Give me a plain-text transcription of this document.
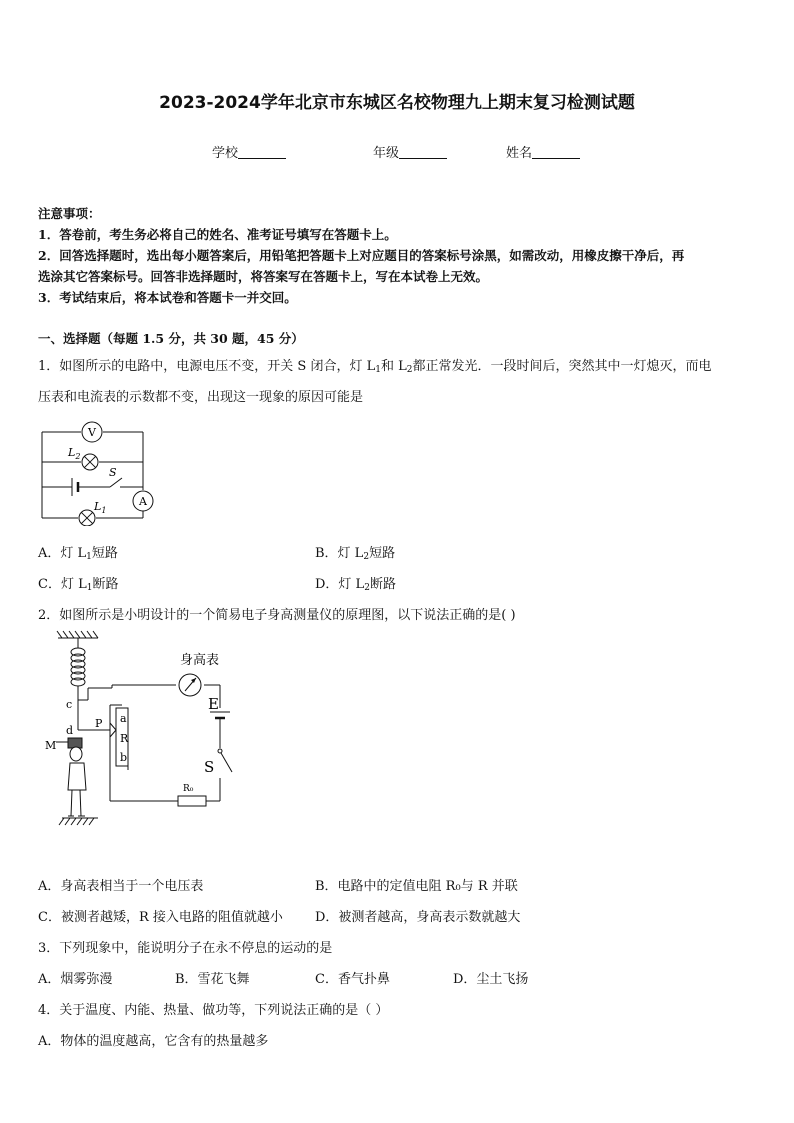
2023-2024学年北京市东城区名校物理九上期末复习检测试题
学校	年级	姓名
注意事项：
1．答卷前，考生务必将自己的姓名、准考证号填写在答题卡上。
2．回答选择题时，选出每小题答案后，用铅笔把答题卡上对应题目的答案标号涂黑，如需改动，用橡皮擦干净后，再
选涂其它答案标号。回答非选择题时，将答案写在答题卡上，写在本试卷上无效。
3．考试结束后，将本试卷和答题卡一并交回。
一、选择题（每题 1.5 分，共 30 题，45 分）
1．如图所示的电路中，电源电压不变，开关 S 闭合，灯 $L_1$和 $L_2$都正常发光．一段时间后，突然其中一灯熄灭，而电
压表和电流表的示数都不变，出现这一现象的原因可能是
V
$L_2$
S
A
$L_1$
A．灯 $L_1$短路	B．灯 $L_2$短路
C．灯 $L_1$断路	D．灯 $L_2$断路
2．如图所示是小明设计的一个简易电子身高测量仪的原理图，以下说法正确的是( )
身高表
E
S
R₀
c
d
P
M
a
R
b
A．身高表相当于一个电压表	B．电路中的定值电阻 R₀与 R 并联
C．被测者越矮，R 接入电路的阻值就越小 D．被测者越高，身高表示数就越大
3．下列现象中，能说明分子在永不停息的运动的是
A．烟雾弥漫	B．雪花飞舞	C．香气扑鼻	D．尘土飞扬
4．关于温度、内能、热量、做功等，下列说法正确的是（ ）
A．物体的温度越高，它含有的热量越多
